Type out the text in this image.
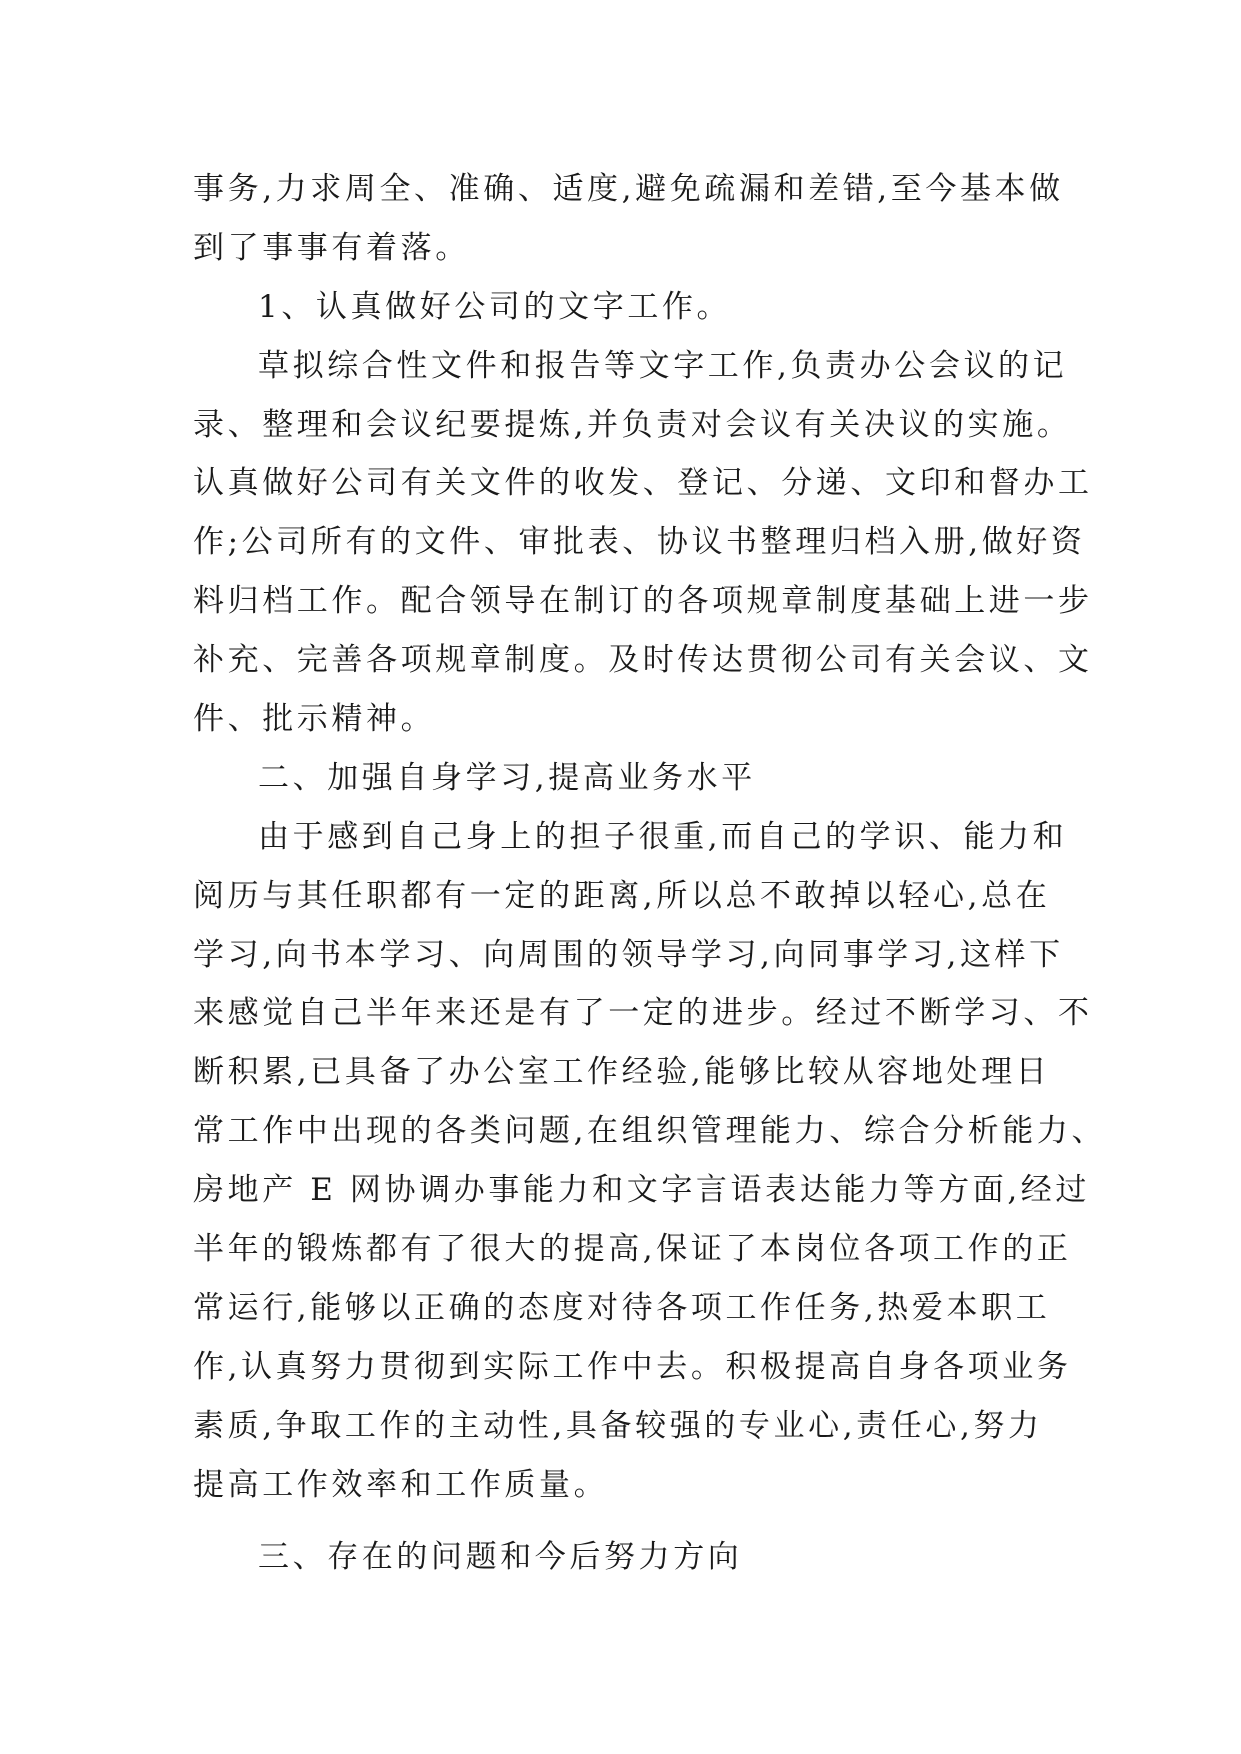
事务,力求周全、准确、适度,避免疏漏和差错,至今基本做
到了事事有着落。
1、认真做好公司的文字工作。
草拟综合性文件和报告等文字工作,负责办公会议的记
录、整理和会议纪要提炼,并负责对会议有关决议的实施。
认真做好公司有关文件的收发、登记、分递、文印和督办工
作;公司所有的文件、审批表、协议书整理归档入册,做好资
料归档工作。配合领导在制订的各项规章制度基础上进一步
补充、完善各项规章制度。及时传达贯彻公司有关会议、文
件、批示精神。
二、加强自身学习,提高业务水平
由于感到自己身上的担子很重,而自己的学识、能力和
阅历与其任职都有一定的距离,所以总不敢掉以轻心,总在
学习,向书本学习、向周围的领导学习,向同事学习,这样下
来感觉自己半年来还是有了一定的进步。经过不断学习、不
断积累,已具备了办公室工作经验,能够比较从容地处理日
常工作中出现的各类问题,在组织管理能力、综合分析能力、
房地产 E 网协调办事能力和文字言语表达能力等方面,经过
半年的锻炼都有了很大的提高,保证了本岗位各项工作的正
常运行,能够以正确的态度对待各项工作任务,热爱本职工
作,认真努力贯彻到实际工作中去。积极提高自身各项业务
素质,争取工作的主动性,具备较强的专业心,责任心,努力
提高工作效率和工作质量。
三、存在的问题和今后努力方向
